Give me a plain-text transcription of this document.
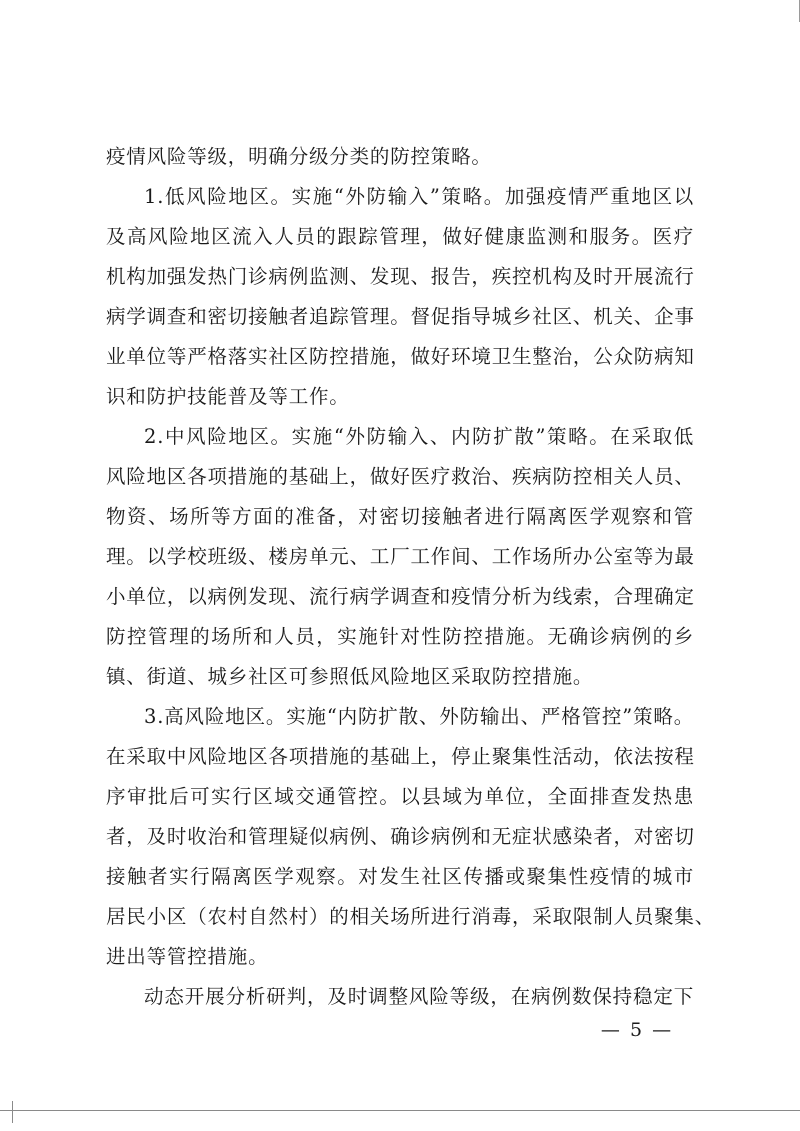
疫情风险等级，明确分级分类的防控策略。
1.低风险地区。实施“外防输入”策略。加强疫情严重地区以
及高风险地区流入人员的跟踪管理，做好健康监测和服务。医疗
机构加强发热门诊病例监测、发现、报告，疾控机构及时开展流行
病学调查和密切接触者追踪管理。督促指导城乡社区、机关、企事
业单位等严格落实社区防控措施，做好环境卫生整治，公众防病知
识和防护技能普及等工作。
2.中风险地区。实施“外防输入、内防扩散”策略。在采取低
风险地区各项措施的基础上，做好医疗救治、疾病防控相关人员、
物资、场所等方面的准备，对密切接触者进行隔离医学观察和管
理。以学校班级、楼房单元、工厂工作间、工作场所办公室等为最
小单位，以病例发现、流行病学调查和疫情分析为线索，合理确定
防控管理的场所和人员，实施针对性防控措施。无确诊病例的乡
镇、街道、城乡社区可参照低风险地区采取防控措施。
3.高风险地区。实施“内防扩散、外防输出、严格管控”策略。
在采取中风险地区各项措施的基础上，停止聚集性活动，依法按程
序审批后可实行区域交通管控。以县域为单位，全面排查发热患
者，及时收治和管理疑似病例、确诊病例和无症状感染者，对密切
接触者实行隔离医学观察。对发生社区传播或聚集性疫情的城市
居民小区（农村自然村）的相关场所进行消毒，采取限制人员聚集、
进出等管控措施。
动态开展分析研判，及时调整风险等级，在病例数保持稳定下
— 5 —
